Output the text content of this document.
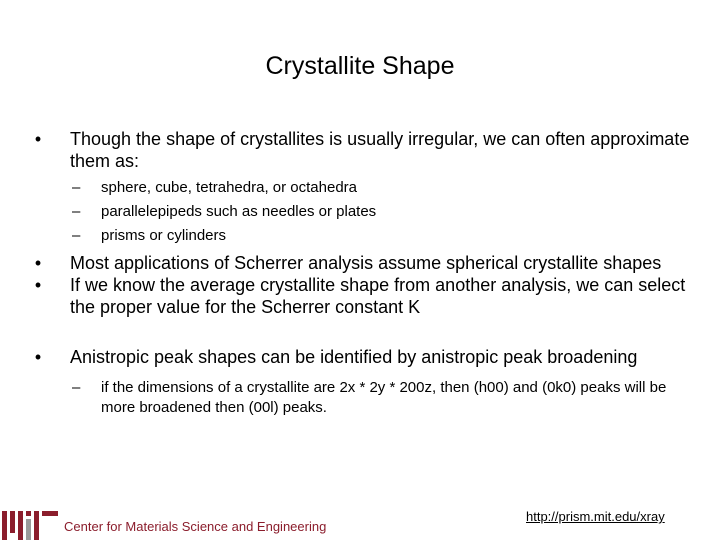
Crystallite Shape
• Though the shape of crystallites is usually irregular, we can often approximate them as:
– sphere, cube, tetrahedra, or octahedra
– parallelepipeds such as needles or plates
– prisms or cylinders
• Most applications of Scherrer analysis assume spherical crystallite shapes
• If we know the average crystallite shape from another analysis, we can select the proper value for the Scherrer constant K
• Anistropic peak shapes can be identified by anistropic peak broadening
– if the dimensions of a crystallite are 2x * 2y * 200z, then (h00) and (0k0) peaks will be more broadened then (00l) peaks.
Center for Materials Science and Engineering
http://prism.mit.edu/xray
